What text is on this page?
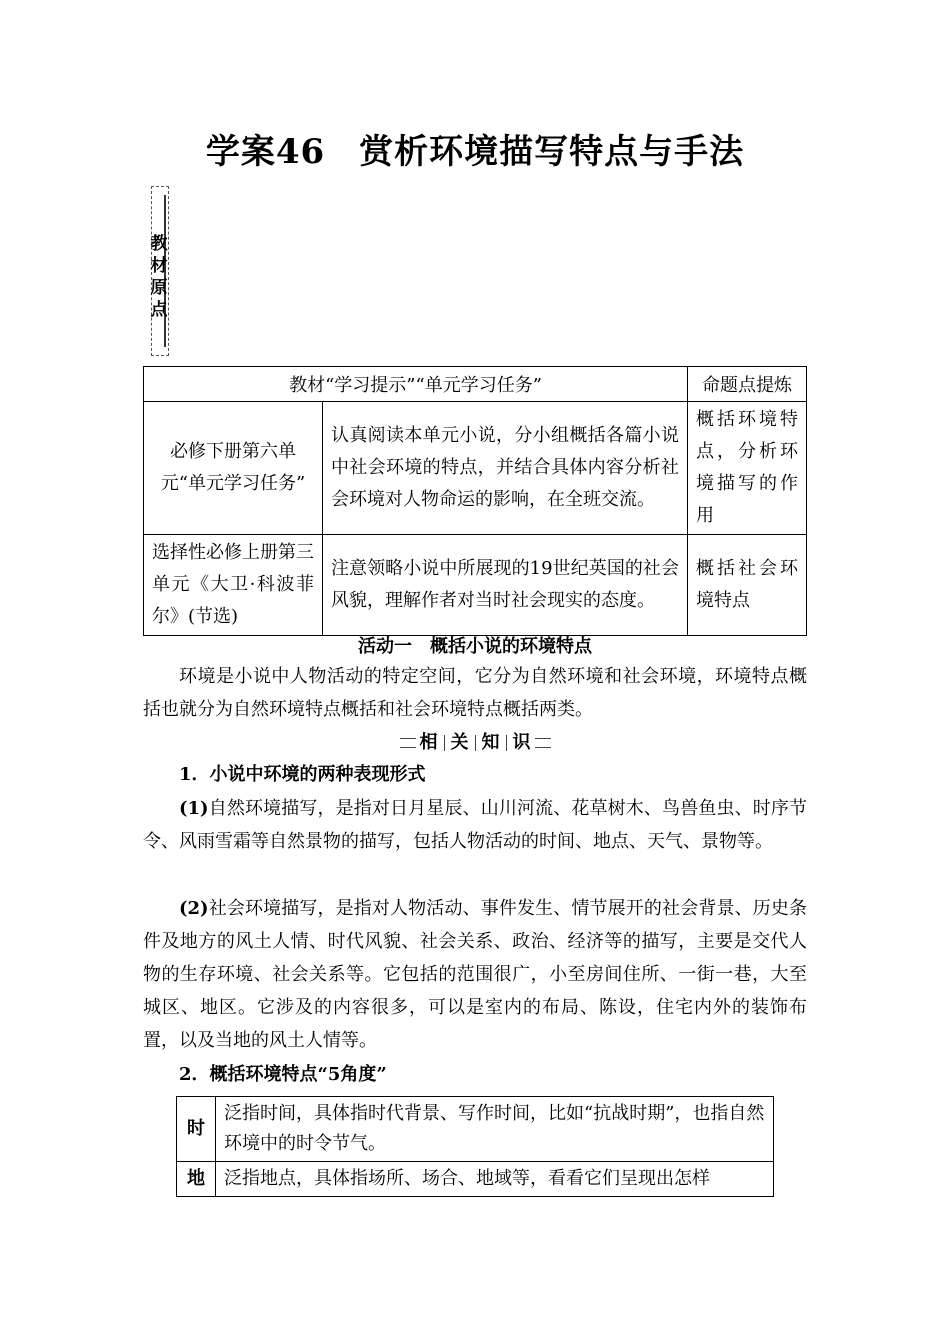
学案46 赏析环境描写特点与手法
教材原点
教材“学习提示”“单元学习任务”		命题点提炼
必修下册第六单元“单元学习任务”	认真阅读本单元小说，分小组概括各篇小说中社会环境的特点，并结合具体内容分析社会环境对人物命运的影响，在全班交流。	概括环境特点，分析环境描写的作用
选择性必修上册第三单元《大卫·科波菲尔》(节选)	注意领略小说中所展现的19世纪英国的社会风貌，理解作者对当时社会现实的态度。	概括社会环境特点
活动一 概括小说的环境特点

环境是小说中人物活动的特定空间，它分为自然环境和社会环境，环境特点概括也就分为自然环境特点概括和社会环境特点概括两类。

相 关 知 识

1．小说中环境的两种表现形式

(1)自然环境描写，是指对日月星辰、山川河流、花草树木、鸟兽鱼虫、时序节令、风雨雪霜等自然景物的描写，包括人物活动的时间、地点、天气、景物等。

(2)社会环境描写，是指对人物活动、事件发生、情节展开的社会背景、历史条件及地方的风土人情、时代风貌、社会关系、政治、经济等的描写，主要是交代人物的生存环境、社会关系等。它包括的范围很广，小至房间住所、一街一巷，大至城区、地区。它涉及的内容很多，可以是室内的布局、陈设，住宅内外的装饰布置，以及当地的风土人情等。

2．概括环境特点“5角度”

时	泛指时间，具体指时代背景、写作时间，比如“抗战时期”，也指自然环境中的时令节气。
地	泛指地点，具体指场所、场合、地域等，看看它们呈现出怎样
